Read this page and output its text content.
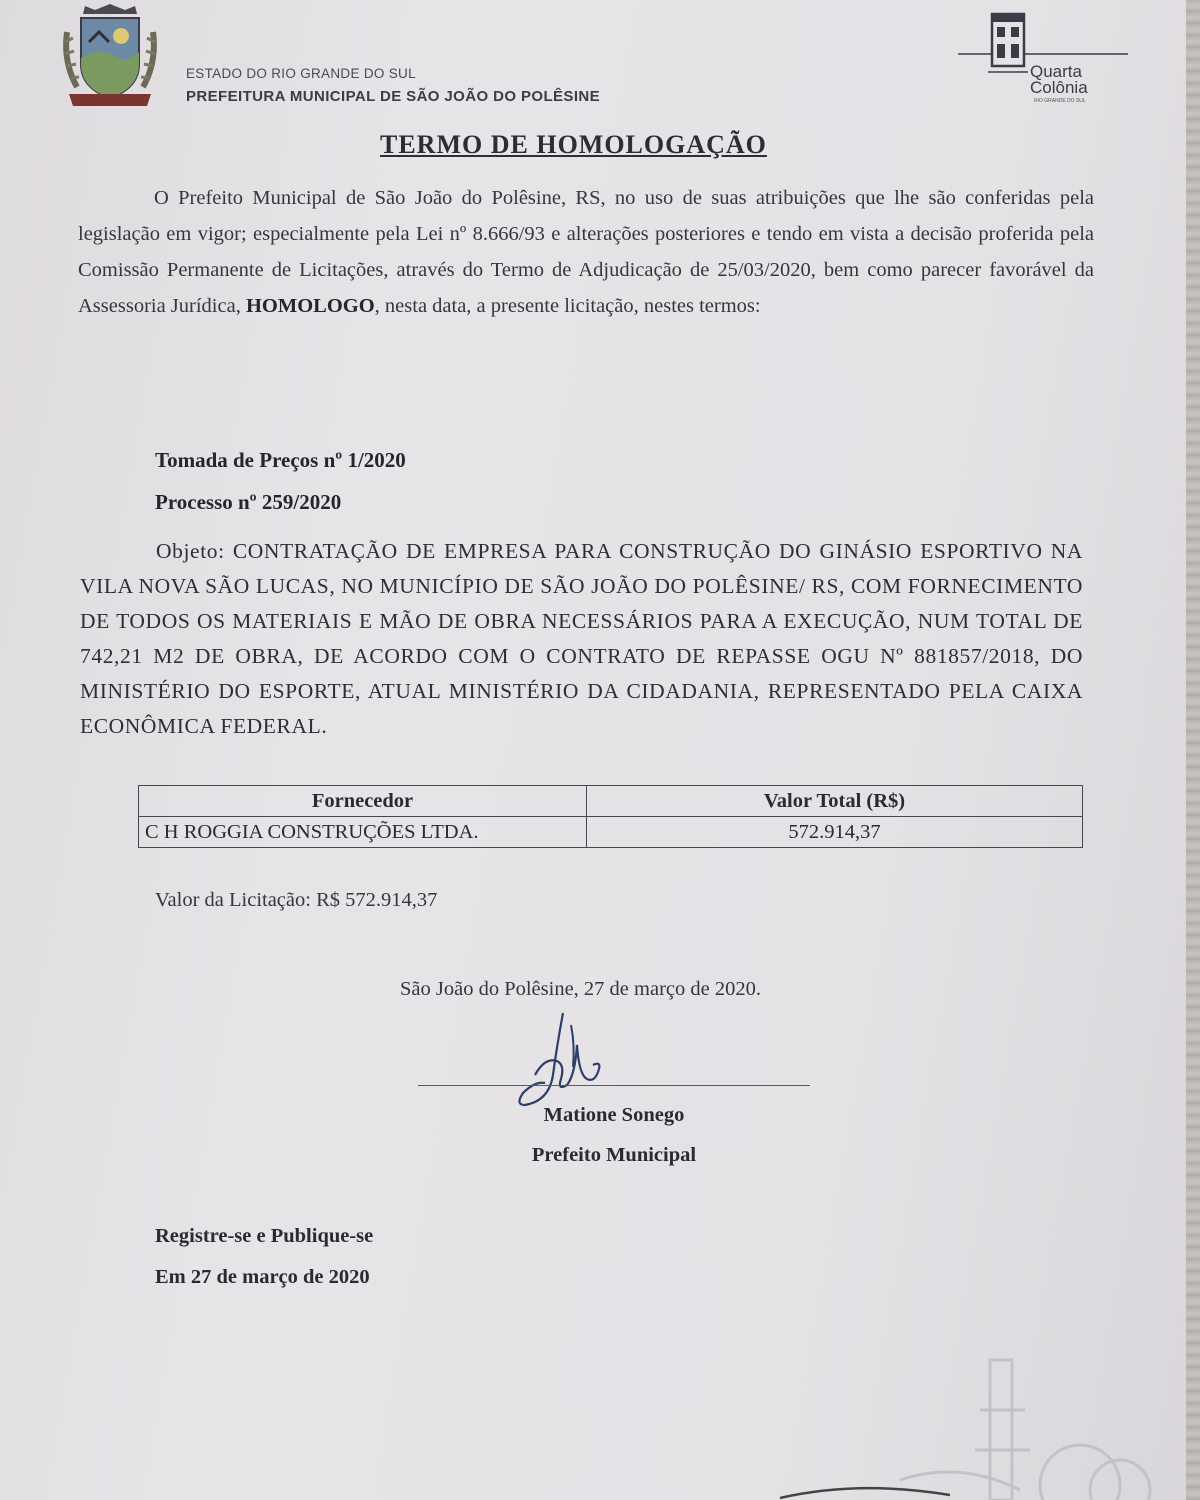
ESTADO DO RIO GRANDE DO SUL
PREFEITURA MUNICIPAL DE SÃO JOÃO DO POLÊSINE
Quarta
Colônia
RIO GRANDE DO SUL
TERMO DE HOMOLOGAÇÃO
O Prefeito Municipal de São João do Polêsine, RS, no uso de suas atribuições que lhe são conferidas pela legislação em vigor; especialmente pela Lei nº 8.666/93 e alterações posteriores e tendo em vista a decisão proferida pela Comissão Permanente de Licitações, através do Termo de Adjudicação de 25/03/2020, bem como parecer favorável da Assessoria Jurídica, HOMOLOGO, nesta data, a presente licitação, nestes termos:
Tomada de Preços nº 1/2020
Processo nº 259/2020
Objeto: CONTRATAÇÃO DE EMPRESA PARA CONSTRUÇÃO DO GINÁSIO ESPORTIVO NA VILA NOVA SÃO LUCAS, NO MUNICÍPIO DE SÃO JOÃO DO POLÊSINE/ RS, COM FORNECIMENTO DE TODOS OS MATERIAIS E MÃO DE OBRA NECESSÁRIOS PARA A EXECUÇÃO, NUM TOTAL DE 742,21 M2 DE OBRA, DE ACORDO COM O CONTRATO DE REPASSE OGU Nº 881857/2018, DO MINISTÉRIO DO ESPORTE, ATUAL MINISTÉRIO DA CIDADANIA, REPRESENTADO PELA CAIXA ECONÔMICA FEDERAL.
Fornecedor	Valor Total (R$)
C H ROGGIA CONSTRUÇÕES LTDA.	572.914,37
Valor da Licitação: R$ 572.914,37
São João do Polêsine, 27 de março de 2020.
Matione Sonego
Prefeito Municipal
Registre-se e Publique-se
Em 27 de março de 2020
